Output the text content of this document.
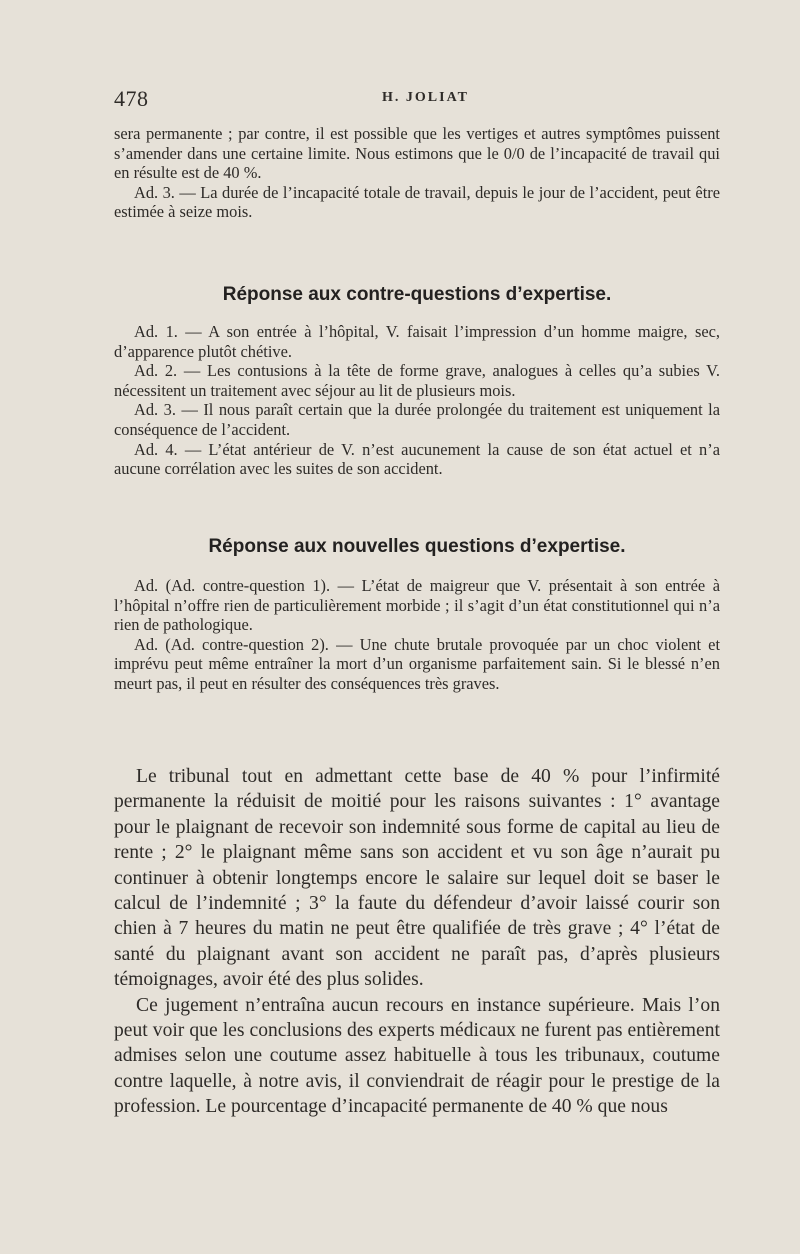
478	H. JOLIAT

sera permanente ; par contre, il est possible que les vertiges et autres symptômes puissent s’amender dans une certaine limite. Nous estimons que le 0/0 de l’incapacité de travail qui en résulte est de 40 %.

Ad. 3. — La durée de l’incapacité totale de travail, depuis le jour de l’accident, peut être estimée à seize mois.

Réponse aux contre-questions d’expertise.

Ad. 1. — A son entrée à l’hôpital, V. faisait l’impression d’un homme maigre, sec, d’apparence plutôt chétive.

Ad. 2. — Les contusions à la tête de forme grave, analogues à celles qu’a subies V. nécessitent un traitement avec séjour au lit de plusieurs mois.

Ad. 3. — Il nous paraît certain que la durée prolongée du traitement est uniquement la conséquence de l’accident.

Ad. 4. — L’état antérieur de V. n’est aucunement la cause de son état actuel et n’a aucune corrélation avec les suites de son accident.

Réponse aux nouvelles questions d’expertise.

Ad. (Ad. contre-question 1). — L’état de maigreur que V. présentait à son entrée à l’hôpital n’offre rien de particulièrement morbide ; il s’agit d’un état constitutionnel qui n’a rien de pathologique.

Ad. (Ad. contre-question 2). — Une chute brutale provoquée par un choc violent et imprévu peut même entraîner la mort d’un organisme parfaitement sain. Si le blessé n’en meurt pas, il peut en résulter des conséquences très graves.

Le tribunal tout en admettant cette base de 40 % pour l’infirmité permanente la réduisit de moitié pour les raisons suivantes : 1° avantage pour le plaignant de recevoir son indemnité sous forme de capital au lieu de rente ; 2° le plaignant même sans son accident et vu son âge n’aurait pu continuer à obtenir longtemps encore le salaire sur lequel doit se baser le calcul de l’indemnité ; 3° la faute du défendeur d’avoir laissé courir son chien à 7 heures du matin ne peut être qualifiée de très grave ; 4° l’état de santé du plaignant avant son accident ne paraît pas, d’après plusieurs témoignages, avoir été des plus solides.

Ce jugement n’entraîna aucun recours en instance supérieure. Mais l’on peut voir que les conclusions des experts médicaux ne furent pas entièrement admises selon une coutume assez habituelle à tous les tribunaux, coutume contre laquelle, à notre avis, il conviendrait de réagir pour le prestige de la profession. Le pourcentage d’incapacité permanente de 40 % que nous
